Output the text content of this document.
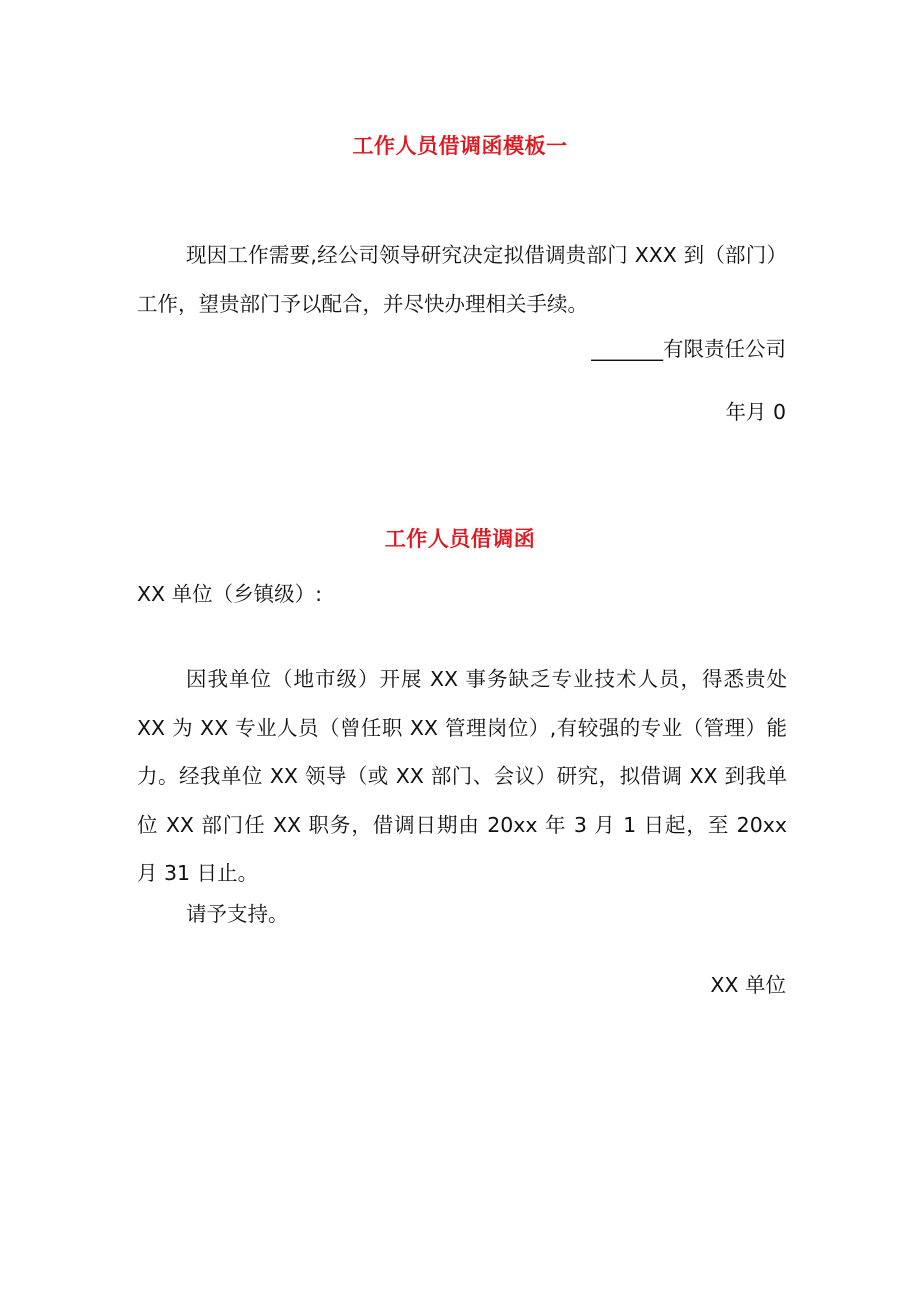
工作人员借调函模板一

现因工作需要,经公司领导研究决定拟借调贵部门 XXX 到（部门）工作，望贵部门予以配合，并尽快办理相关手续。

_______有限责任公司

年月 0

工作人员借调函

XX 单位（乡镇级）:

因我单位（地市级）开展 XX 事务缺乏专业技术人员，得悉贵处 XX 为 XX 专业人员（曾任职 XX 管理岗位）,有较强的专业（管理）能力。经我单位 XX 领导（或 XX 部门、会议）研究，拟借调 XX 到我单位 XX 部门任 XX 职务，借调日期由 20xx 年 3 月 1 日起，至 20xx 月 31 日止。

请予支持。

XX 单位
